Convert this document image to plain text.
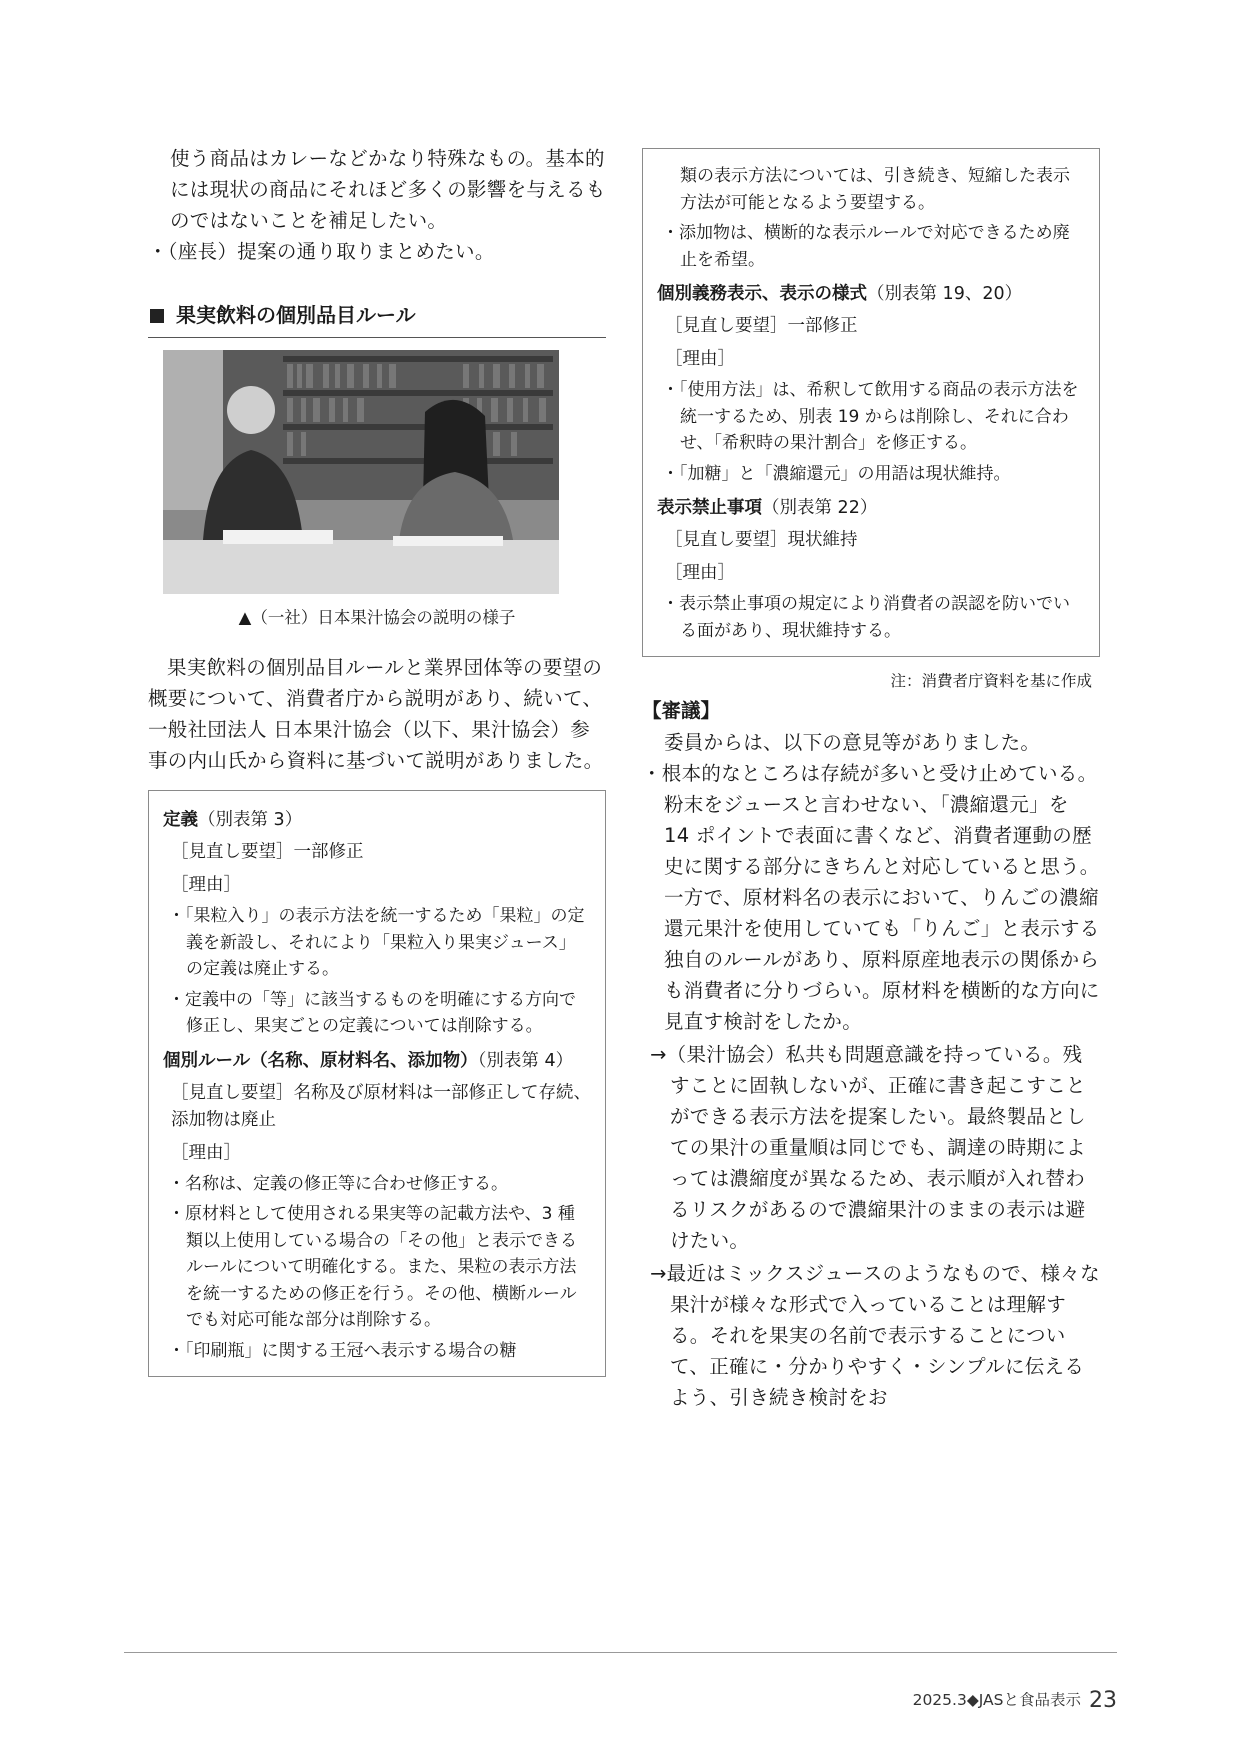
使う商品はカレーなどかなり特殊なもの。基本的には現状の商品にそれほど多くの影響を与えるものではないことを補足したい。
・（座長）提案の通り取りまとめたい。
果実飲料の個別品目ルール
▲（一社）日本果汁協会の説明の様子
果実飲料の個別品目ルールと業界団体等の要望の概要について、消費者庁から説明があり、続いて、一般社団法人 日本果汁協会（以下、果汁協会）参事の内山氏から資料に基づいて説明がありました。
定義（別表第 3）
［見直し要望］一部修正
［理由］
・「果粒入り」の表示方法を統一するため「果粒」の定義を新設し、それにより「果粒入り果実ジュース」の定義は廃止する。
・定義中の「等」に該当するものを明確にする方向で修正し、果実ごとの定義については削除する。
個別ルール（名称、原材料名、添加物）（別表第 4）
［見直し要望］名称及び原材料は一部修正して存続、添加物は廃止
［理由］
・名称は、定義の修正等に合わせ修正する。
・原材料として使用される果実等の記載方法や、3 種類以上使用している場合の「その他」と表示できるルールについて明確化する。また、果粒の表示方法を統一するための修正を行う。その他、横断ルールでも対応可能な部分は削除する。
・「印刷瓶」に関する王冠へ表示する場合の糖
類の表示方法については、引き続き、短縮した表示方法が可能となるよう要望する。
・添加物は、横断的な表示ルールで対応できるため廃止を希望。
個別義務表示、表示の様式（別表第 19、20）
［見直し要望］一部修正
［理由］
・「使用方法」は、希釈して飲用する商品の表示方法を統一するため、別表 19 からは削除し、それに合わせ、「希釈時の果汁割合」を修正する。
・「加糖」と「濃縮還元」の用語は現状維持。
表示禁止事項（別表第 22）
［見直し要望］現状維持
［理由］
・表示禁止事項の規定により消費者の誤認を防いでいる面があり、現状維持する。
注：消費者庁資料を基に作成
【審議】
委員からは、以下の意見等がありました。
・根本的なところは存続が多いと受け止めている。粉末をジュースと言わせない、「濃縮還元」を 14 ポイントで表面に書くなど、消費者運動の歴史に関する部分にきちんと対応していると思う。一方で、原材料名の表示において、りんごの濃縮還元果汁を使用していても「りんご」と表示する独自のルールがあり、原料原産地表示の関係からも消費者に分りづらい。原材料を横断的な方向に見直す検討をしたか。
→（果汁協会）私共も問題意識を持っている。残すことに固執しないが、正確に書き起こすことができる表示方法を提案したい。最終製品としての果汁の重量順は同じでも、調達の時期によっては濃縮度が異なるため、表示順が入れ替わるリスクがあるので濃縮果汁のままの表示は避けたい。
→最近はミックスジュースのようなもので、様々な果汁が様々な形式で入っていることは理解する。それを果実の名前で表示することについて、正確に・分かりやすく・シンプルに伝えるよう、引き続き検討をお
2025.3◆JASと食品表示 23
